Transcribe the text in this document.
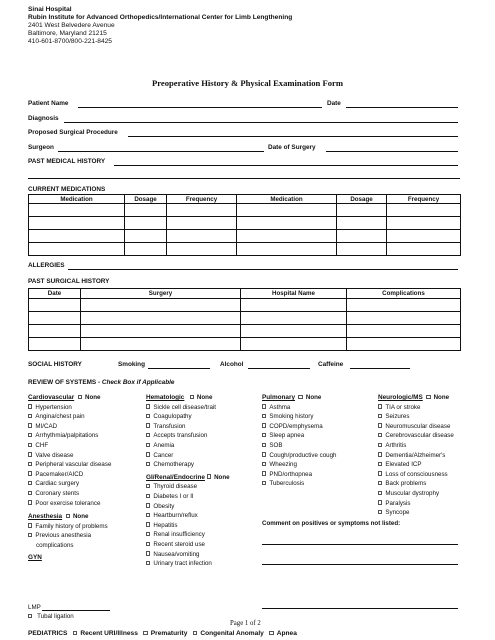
Sinai Hospital
Rubin Institute for Advanced Orthopedics/International Center for Limb Lengthening
2401 West Belvedere Avenue
Baltimore, Maryland 21215
410-601-8700/800-221-8425
Preoperative History & Physical Examination Form
Patient Name	Date
Diagnosis
Proposed Surgical Procedure
Surgeon	Date of Surgery
PAST MEDICAL HISTORY
CURRENT MEDICATIONS
Medication	Dosage	Frequency	Medication	Dosage	Frequency

ALLERGIES
PAST SURGICAL HISTORY
Date	Surgery	Hospital Name	Complications

SOCIAL HISTORY	Smoking	Alcohol	Caffeine
REVIEW OF SYSTEMS - Check Box if Applicable
Cardiovascular None
Hypertension
Angina/chest pain
MI/CAD
Arrhythmia/palpitations
CHF
Valve disease
Peripheral vascular disease
Pacemaker/AICD
Cardiac surgery
Coronary stents
Poor exercise tolerance
Anesthesia None
Family history of problems
Previous anesthesia
complications
GYN
LMP
Tubal ligation
Hematologic None
Sickle cell disease/trait
Coagulopathy
Transfusion
Accepts transfusion
Anemia
Cancer
Chemotherapy
GI/Renal/Endocrine None
Thyroid disease
Diabetes I or II
Obesity
Heartburn/reflux
Hepatitis
Renal insufficiency
Recent steroid use
Nausea/vomiting
Urinary tract infection
Pulmonary None
Asthma
Smoking history
COPD/emphysema
Sleep apnea
SOB
Cough/productive cough
Wheezing
PND/orthopnea
Tuberculosis
Neurologic/MS None
TIA or stroke
Seizures
Neuromuscular disease
Cerebrovascular disease
Arthritis
Dementia/Alzheimer's
Elevated ICP
Loss of consciousness
Back problems
Muscular dystrophy
Paralysis
Syncope
Comment on positives or symptoms not listed:
PEDIATRICS Recent URI/Illness Prematurity Congenital Anomaly Apnea
Page 1 of 2
